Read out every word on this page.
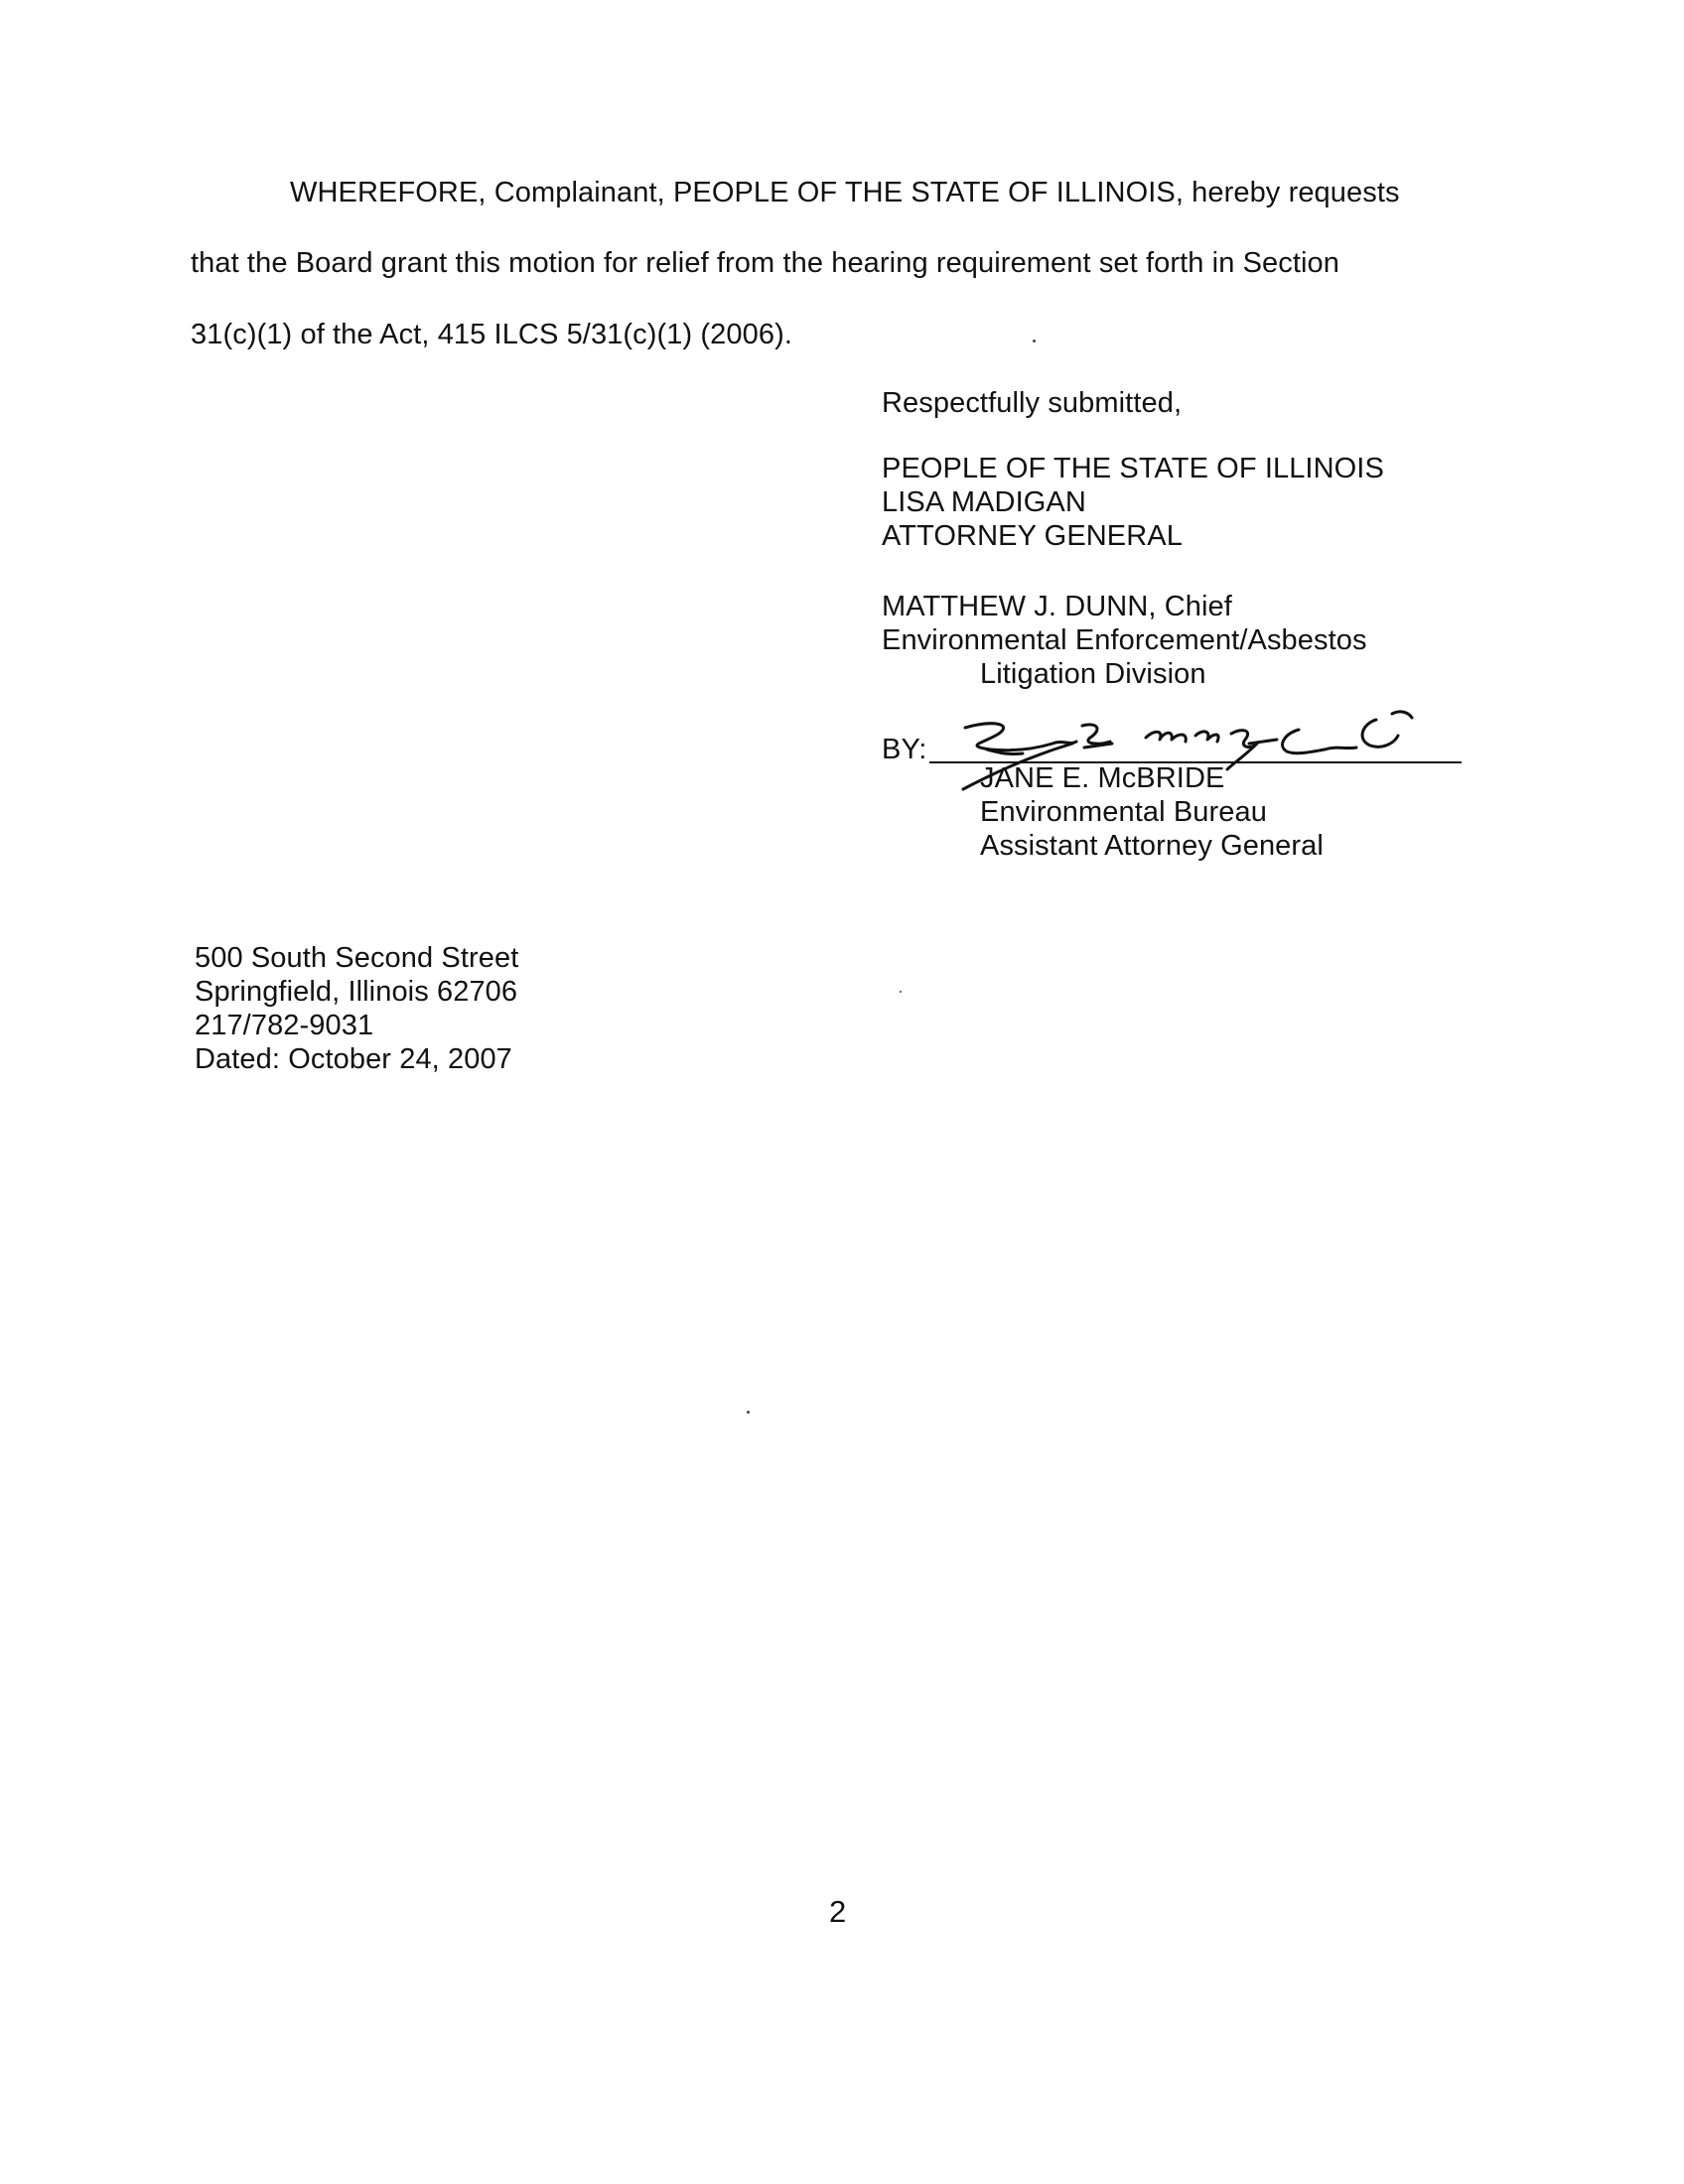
WHEREFORE, Complainant, PEOPLE OF THE STATE OF ILLINOIS, hereby requests
that the Board grant this motion for relief from the hearing requirement set forth in Section
31(c)(1) of the Act, 415 ILCS 5/31(c)(1) (2006).
Respectfully submitted,
PEOPLE OF THE STATE OF ILLINOIS
LISA MADIGAN
ATTORNEY GENERAL
MATTHEW J. DUNN, Chief
Environmental Enforcement/Asbestos
Litigation Division
BY:
JANE E. McBRIDE
Environmental Bureau
Assistant Attorney General
500 South Second Street
Springfield, Illinois 62706
217/782-9031
Dated: October 24, 2007
2
